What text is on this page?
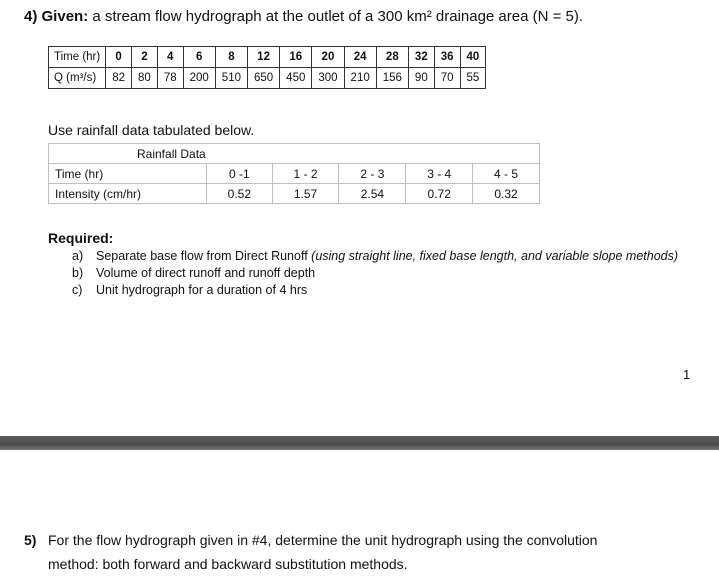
4) Given: a stream flow hydrograph at the outlet of a 300 km² drainage area (N = 5).
Time (hr)	0	2	4	6	8	12	16	20	24	28	32	36	40
Q (m³/s)	82	80	78	200	510	650	450	300	210	156	90	70	55
Use rainfall data tabulated below.
Rainfall Data					
Time (hr)	0 -1	1 - 2	2 - 3	3 - 4	4 - 5
Intensity (cm/hr)	0.52	1.57	2.54	0.72	0.32
Required:
a) Separate base flow from Direct Runoff (using straight line, fixed base length, and variable slope methods)
b) Volume of direct runoff and runoff depth
c) Unit hydrograph for a duration of 4 hrs
1
5) For the flow hydrograph given in #4, determine the unit hydrograph using the convolution
method: both forward and backward substitution methods.
